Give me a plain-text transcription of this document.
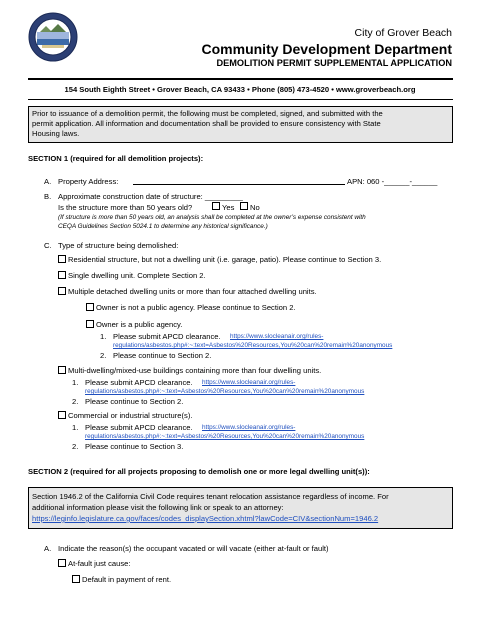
City of Grover Beach
Community Development Department
DEMOLITION PERMIT SUPPLEMENTAL APPLICATION
154 South Eighth Street • Grover Beach, CA 93433 • Phone (805) 473-4520 • www.groverbeach.org
Prior to issuance of a demolition permit, the following must be completed, signed, and submitted with the
permit application. All information and documentation shall be provided to ensure consistency with State
Housing laws.
SECTION 1 (required for all demolition projects):
A. Property Address:	APN: 060 -______-______
B. Approximate construction date of structure: _________
Is the structure more than 50 years old?	Yes No
(If structure is more than 50 years old, an analysis shall be completed at the owner’s expense consistent with
CEQA Guidelines Section 5024.1 to determine any historical significance.)
C. Type of structure being demolished:
Residential structure, but not a dwelling unit (i.e. garage, patio). Please continue to Section 3.
Single dwelling unit. Complete Section 2.
Multiple detached dwelling units or more than four attached dwelling units.
Owner is not a public agency. Please continue to Section 2.
Owner is a public agency.
1. Please submit APCD clearance. https://www.slocleanair.org/rules-
regulations/asbestos.php#:~:text=Asbestos%20Resources,You%20can%20remain%20anonymous
2. Please continue to Section 2.
Multi-dwelling/mixed-use buildings containing more than four dwelling units.
1. Please submit APCD clearance. https://www.slocleanair.org/rules-
regulations/asbestos.php#:~:text=Asbestos%20Resources,You%20can%20remain%20anonymous
2. Please continue to Section 2.
Commercial or industrial structure(s).
1. Please submit APCD clearance. https://www.slocleanair.org/rules-
regulations/asbestos.php#:~:text=Asbestos%20Resources,You%20can%20remain%20anonymous
2. Please continue to Section 3.
SECTION 2 (required for all projects proposing to demolish one or more legal dwelling unit(s)):
Section 1946.2 of the California Civil Code requires tenant relocation assistance regardless of income. For
additional information please visit the following link or speak to an attorney:
https://leginfo.legislature.ca.gov/faces/codes_displaySection.xhtml?lawCode=CIV&sectionNum=1946.2
A. Indicate the reason(s) the occupant vacated or will vacate (either at-fault or fault)
At-fault just cause:
Default in payment of rent.
